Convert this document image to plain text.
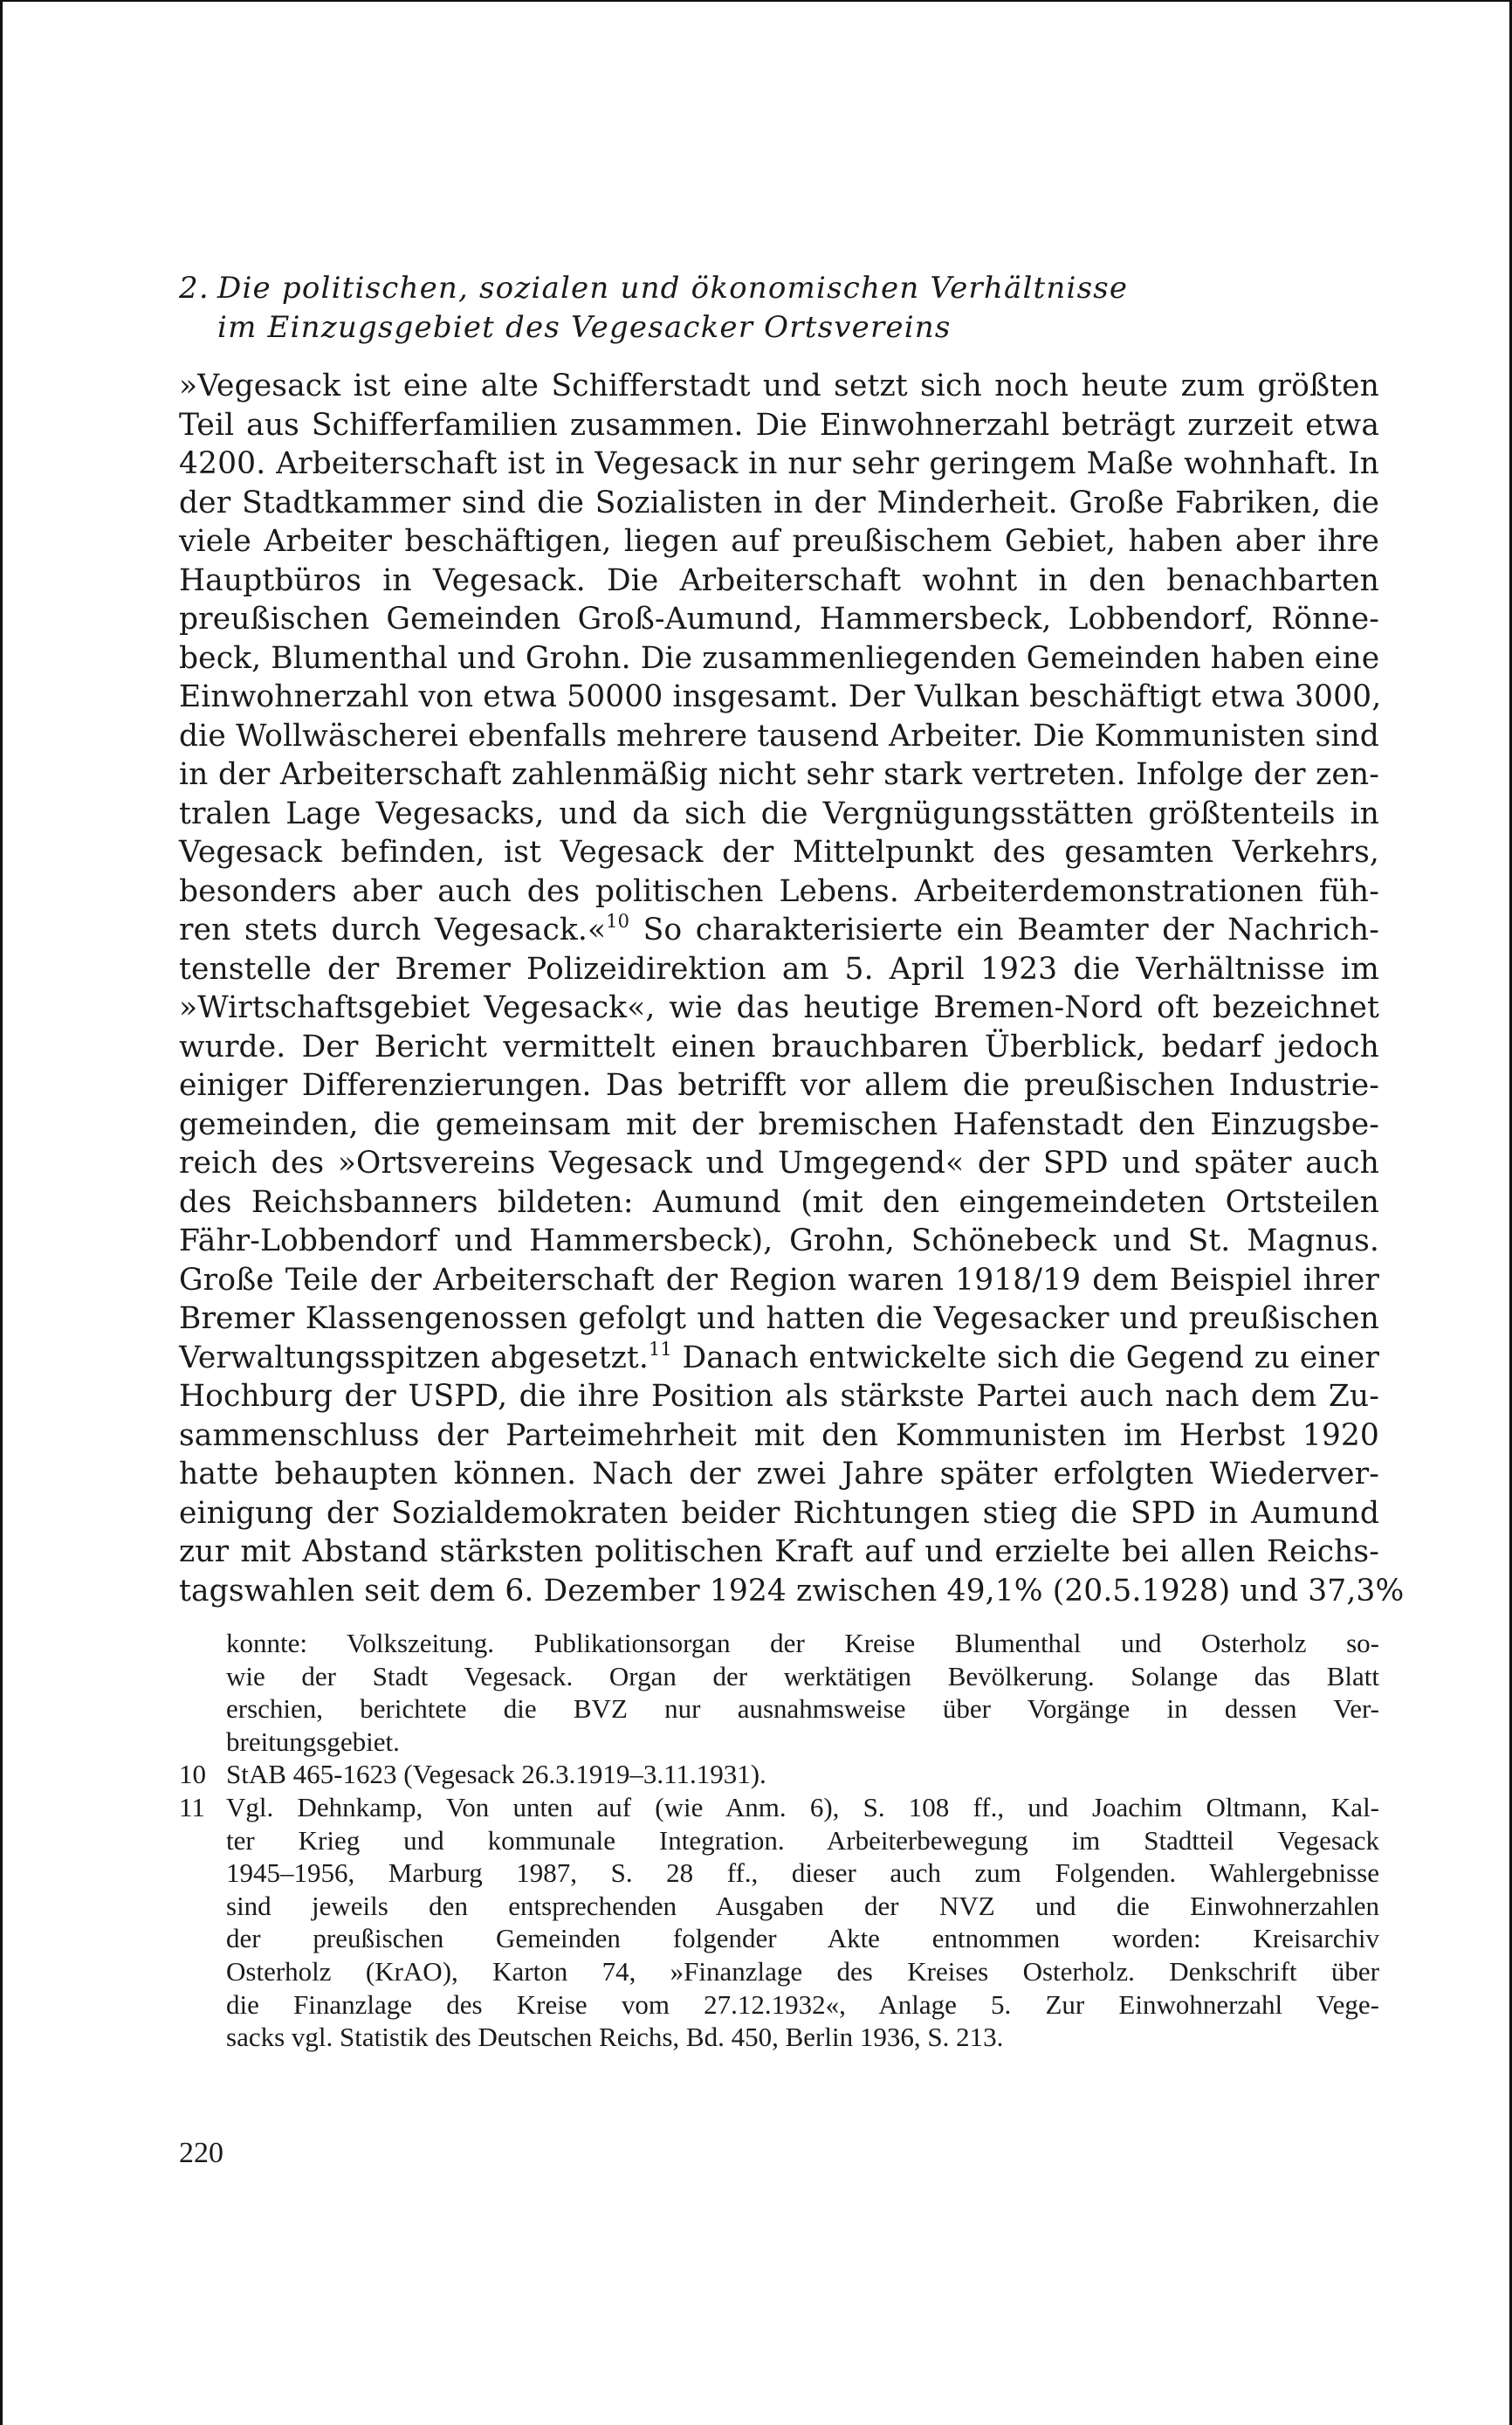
2. Die politischen, sozialen und ökonomischen Verhältnisse
im Einzugsgebiet des Vegesacker Ortsvereins
»Vegesack ist eine alte Schifferstadt und setzt sich noch heute zum größten
Teil aus Schifferfamilien zusammen. Die Einwohnerzahl beträgt zurzeit etwa
4200. Arbeiterschaft ist in Vegesack in nur sehr geringem Maße wohnhaft. In
der Stadtkammer sind die Sozialisten in der Minderheit. Große Fabriken, die
viele Arbeiter beschäftigen, liegen auf preußischem Gebiet, haben aber ihre
Hauptbüros in Vegesack. Die Arbeiterschaft wohnt in den benachbarten
preußischen Gemeinden Groß-Aumund, Hammersbeck, Lobbendorf, Rönne-
beck, Blumenthal und Grohn. Die zusammenliegenden Gemeinden haben eine
Einwohnerzahl von etwa 50000 insgesamt. Der Vulkan beschäftigt etwa 3000,
die Wollwäscherei ebenfalls mehrere tausend Arbeiter. Die Kommunisten sind
in der Arbeiterschaft zahlenmäßig nicht sehr stark vertreten. Infolge der zen-
tralen Lage Vegesacks, und da sich die Vergnügungsstätten größtenteils in
Vegesack befinden, ist Vegesack der Mittelpunkt des gesamten Verkehrs,
besonders aber auch des politischen Lebens. Arbeiterdemonstrationen füh-
ren stets durch Vegesack.«$^{10}$ So charakterisierte ein Beamter der Nachrich-
tenstelle der Bremer Polizeidirektion am 5. April 1923 die Verhältnisse im
»Wirtschaftsgebiet Vegesack«, wie das heutige Bremen-Nord oft bezeichnet
wurde. Der Bericht vermittelt einen brauchbaren Überblick, bedarf jedoch
einiger Differenzierungen. Das betrifft vor allem die preußischen Industrie-
gemeinden, die gemeinsam mit der bremischen Hafenstadt den Einzugsbe-
reich des »Ortsvereins Vegesack und Umgegend« der SPD und später auch
des Reichsbanners bildeten: Aumund (mit den eingemeindeten Ortsteilen
Fähr-Lobbendorf und Hammersbeck), Grohn, Schönebeck und St. Magnus.
Große Teile der Arbeiterschaft der Region waren 1918/19 dem Beispiel ihrer
Bremer Klassengenossen gefolgt und hatten die Vegesacker und preußischen
Verwaltungsspitzen abgesetzt.$^{11}$ Danach entwickelte sich die Gegend zu einer
Hochburg der USPD, die ihre Position als stärkste Partei auch nach dem Zu-
sammenschluss der Parteimehrheit mit den Kommunisten im Herbst 1920
hatte behaupten können. Nach der zwei Jahre später erfolgten Wiederver-
einigung der Sozialdemokraten beider Richtungen stieg die SPD in Aumund
zur mit Abstand stärksten politischen Kraft auf und erzielte bei allen Reichs-
tagswahlen seit dem 6. Dezember 1924 zwischen 49,1% (20.5.1928) und 37,3%
konnte: Volkszeitung. Publikationsorgan der Kreise Blumenthal und Osterholz so-
wie der Stadt Vegesack. Organ der werktätigen Bevölkerung. Solange das Blatt
erschien, berichtete die BVZ nur ausnahmsweise über Vorgänge in dessen Ver-
breitungsgebiet.
10 StAB 465-1623 (Vegesack 26.3.1919–3.11.1931).
11 Vgl. Dehnkamp, Von unten auf (wie Anm. 6), S. 108 ff., und Joachim Oltmann, Kal-
ter Krieg und kommunale Integration. Arbeiterbewegung im Stadtteil Vegesack
1945–1956, Marburg 1987, S. 28 ff., dieser auch zum Folgenden. Wahlergebnisse
sind jeweils den entsprechenden Ausgaben der NVZ und die Einwohnerzahlen
der preußischen Gemeinden folgender Akte entnommen worden: Kreisarchiv
Osterholz (KrAO), Karton 74, »Finanzlage des Kreises Osterholz. Denkschrift über
die Finanzlage des Kreise vom 27.12.1932«, Anlage 5. Zur Einwohnerzahl Vege-
sacks vgl. Statistik des Deutschen Reichs, Bd. 450, Berlin 1936, S. 213.
220
